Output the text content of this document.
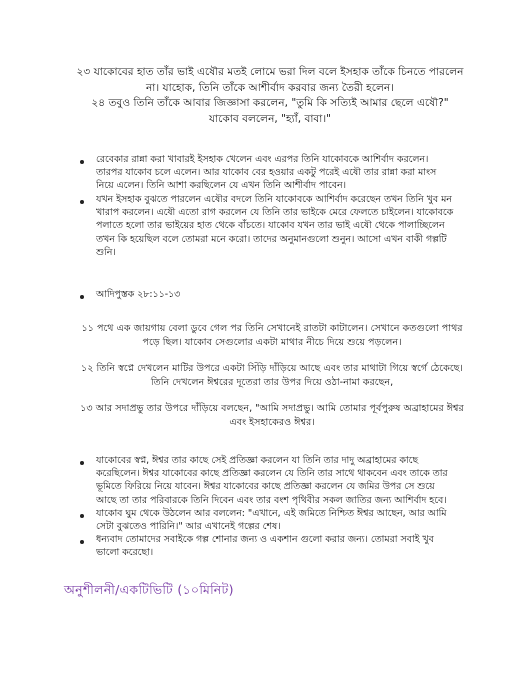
২৩ যাকোবের হাত তাঁর ভাই এষৌর মতই লোমে ভরা দিল বলে ইসহাক তাঁকে চিনতে পারলেন
না। যাহোক, তিনি তাঁকে আশীর্বাদ করবার জন্য তৈরী হলেন।
২৪ তবুও তিনি তাঁকে আবার জিজ্ঞাসা করলেন, "তুমি কি সত্যিই আমার ছেলে এষৌ?"
যাকোব বললেন, "হ্যাঁ, বাবা।"
রেবেকার রান্না করা খাবারই ইসহাক খেলেন এবং এরপর তিনি যাকোবকে আশির্বাদ করলেন।
তারপর যাকোব চলে এলেন। আর যাকোব বের হওয়ার একটু পরেই এষৌ তার রান্না করা মাংস
নিয়ে এলেন। তিনি আশা করছিলেন যে এখন তিনি আশীর্বাদ পাবেন।
যখন ইসহাক বুঝতে পারলেন এষৌর বদলে তিনি যাকোবকে আশির্বাদ করেছেন তখন তিনি খুব মন
খারাপ করলেন। এষৌ এতো রাগ করলেন যে তিনি তার ভাইকে মেরে ফেলতে চাইলেন। যাকোবকে
পলাতে হলো তার ভাইয়ের হাত থেকে বাঁচতে। যাকোব যখন তার ভাই এষৌ থেকে পালাচ্ছিলেন
তখন কি হয়েছিল বলে তোমরা মনে করো। তাদের অনুমানগুলো শুনুন। আসো এখন বাকী গল্পটি
শুনি।
আদিপুস্তক ২৮:১১-১৩
১১ পথে এক জায়গায় বেলা ডুবে গেল পর তিনি সেখানেই রাতটা কাটালেন। সেখানে কতগুলো পাথর
পড়ে ছিল। যাকোব সেগুলোর একটা মাথার নীচে দিয়ে শুয়ে পড়লেন।
১২ তিনি স্বপ্নে দেখলেন মাটির উপরে একটা সিঁড়ি দাঁড়িয়ে আছে এবং তার মাথাটা গিয়ে স্বর্গে ঠেকেছে।
তিনি দেখলেন ঈশ্বরের দূতেরা তার উপর দিয়ে ওঠা-নামা করছেন,
১৩ আর সদাপ্রভু তার উপরে দাঁড়িয়ে বলছেন, "আমি সদাপ্রভু। আমি তোমার পূর্বপুরুষ অব্রাহামের ঈশ্বর
এবং ইসহাকেরও ঈশ্বর।
যাকোবের স্বপ্ন, ঈশ্বর তার কাছে সেই প্রতিজ্ঞা করলেন যা তিনি তার দাদু অব্রাহামের কাছে
করেছিলেন। ঈশ্বর যাকোবের কাছে প্রতিজ্ঞা করলেন যে তিনি তার সাথে থাকবেন এবং তাকে তার
ভূমিতে ফিরিয়ে নিয়ে যাবেন। ঈশ্বর যাকোবের কাছে প্রতিজ্ঞা করলেন যে জমির উপর সে শুয়ে
আছে তা তার পরিবারকে তিনি দিবেন এবং তার বংশ পৃথিবীর সকল জাতির জন্য আশির্বাদ হবে।
যাকোব ঘুম থেকে উঠলেন আর বললেন: "এখানে, এই জমিতে নিশ্চিত ঈশ্বর আছেন, আর আমি
সেটা বুঝতেও পারিনি।" আর এখানেই গল্পের শেষ।
ধন্যবাদ তোমাদের সবাইকে গল্প শোনার জন্য ও একশান গুলো করার জন্য। তোমরা সবাই খুব
ভালো করেছো।
অনুশীলনী/একটিভিটি (১০মিনিট)
